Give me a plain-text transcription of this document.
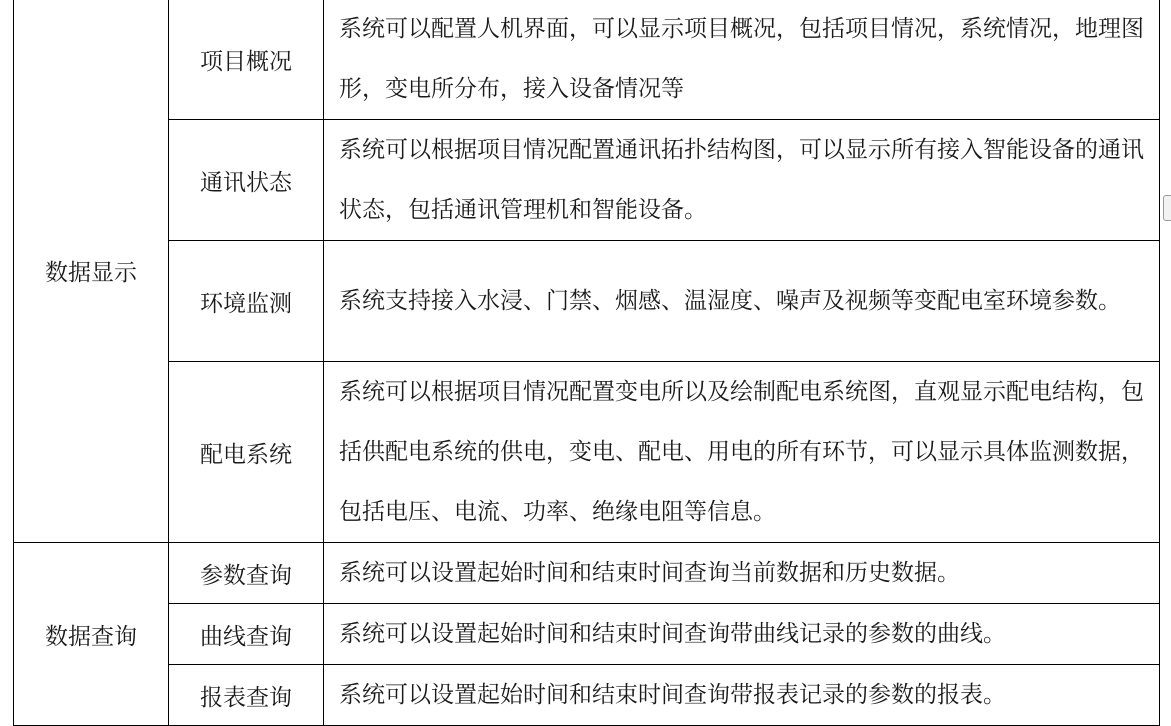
数据显示	项目概况	系统可以配置人机界面，可以显示项目概况，包括项目情况，系统情况，地理图形，变电所分布，接入设备情况等
	通讯状态	系统可以根据项目情况配置通讯拓扑结构图，可以显示所有接入智能设备的通讯状态，包括通讯管理机和智能设备。
	环境监测	系统支持接入水浸、门禁、烟感、温湿度、噪声及视频等变配电室环境参数。
	配电系统	系统可以根据项目情况配置变电所以及绘制配电系统图，直观显示配电结构，包括供配电系统的供电，变电、配电、用电的所有环节，可以显示具体监测数据，包括电压、电流、功率、绝缘电阻等信息。
数据查询	参数查询	系统可以设置起始时间和结束时间查询当前数据和历史数据。
	曲线查询	系统可以设置起始时间和结束时间查询带曲线记录的参数的曲线。
	报表查询	系统可以设置起始时间和结束时间查询带报表记录的参数的报表。
